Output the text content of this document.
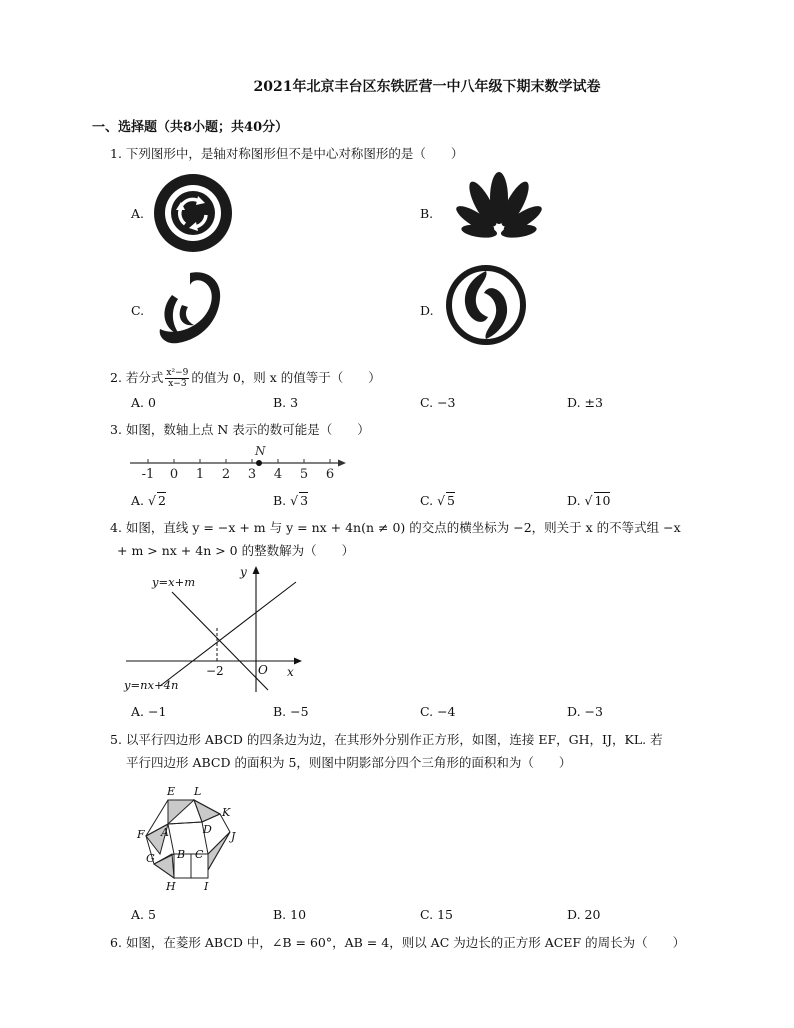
2021年北京丰台区东铁匠营一中八年级下期末数学试卷
一、选择题（共8小题；共40分）
1. 下列图形中，是轴对称图形但不是中心对称图形的是（　　）
A.	B.
C.	D.
2. 若分式 $\frac{\text{x²−9}}{x-3}$ 的值为 0，则 x 的值等于（　　）
A. 0	B. 3	C. −3	D. ±3
3. 如图，数轴上点 N 表示的数可能是（　　）
-1 0 1 2 3 4 5 6
N
A. √ 2	B. √ 3	C. √ 5	D. √ 10
4. 如图，直线 y = −x + m 与 y = nx + 4n(n ≠ 0) 的交点的横坐标为 −2，则关于 x 的不等式组 −x
+ m > nx + 4n > 0 的整数解为（　　）
y=x+m
y=nx+4n
−2	O x
y
A. −1	B. −5	C. −4	D. −3
5. 以平行四边形 ABCD 的四条边为边，在其形外分别作正方形，如图，连接 EF，GH，IJ，KL. 若
平行四边形 ABCD 的面积为 5，则图中阴影部分四个三角形的面积和为（　　）
E L
K
F A	D
J
G B C
H	I
A. 5	B. 10	C. 15	D. 20
6. 如图，在菱形 ABCD 中，∠B = 60°，AB = 4，则以 AC 为边长的正方形 ACEF 的周长为（　　）
